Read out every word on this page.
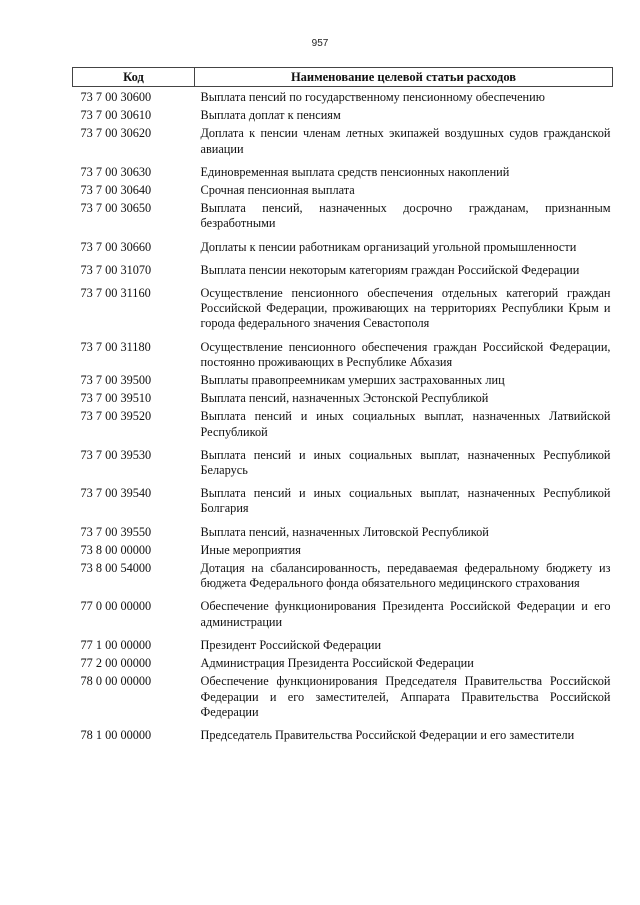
957
Код	Наименование целевой статьи расходов
73 7 00 30600	Выплата пенсий по государственному пенсионному обеспечению
73 7 00 30610	Выплата доплат к пенсиям
73 7 00 30620	Доплата к пенсии членам летных экипажей воздушных судов гражданской авиации
73 7 00 30630	Единовременная выплата средств пенсионных накоплений
73 7 00 30640	Срочная пенсионная выплата
73 7 00 30650	Выплата пенсий, назначенных досрочно гражданам, признанным безработными
73 7 00 30660	Доплаты к пенсии работникам организаций угольной промышленности
73 7 00 31070	Выплата пенсии некоторым категориям граждан Российской Федерации
73 7 00 31160	Осуществление пенсионного обеспечения отдельных категорий граждан Российской Федерации, проживающих на территориях Республики Крым и города федерального значения Севастополя
73 7 00 31180	Осуществление пенсионного обеспечения граждан Российской Федерации, постоянно проживающих в Республике Абхазия
73 7 00 39500	Выплаты правопреемникам умерших застрахованных лиц
73 7 00 39510	Выплата пенсий, назначенных Эстонской Республикой
73 7 00 39520	Выплата пенсий и иных социальных выплат, назначенных Латвийской Республикой
73 7 00 39530	Выплата пенсий и иных социальных выплат, назначенных Республикой Беларусь
73 7 00 39540	Выплата пенсий и иных социальных выплат, назначенных Республикой Болгария
73 7 00 39550	Выплата пенсий, назначенных Литовской Республикой
73 8 00 00000	Иные мероприятия
73 8 00 54000	Дотация на сбалансированность, передаваемая федеральному бюджету из бюджета Федерального фонда обязательного медицинского страхования
77 0 00 00000	Обеспечение функционирования Президента Российской Федерации и его администрации
77 1 00 00000	Президент Российской Федерации
77 2 00 00000	Администрация Президента Российской Федерации
78 0 00 00000	Обеспечение функционирования Председателя Правительства Российской Федерации и его заместителей, Аппарата Правительства Российской Федерации
78 1 00 00000	Председатель Правительства Российской Федерации и его заместители
